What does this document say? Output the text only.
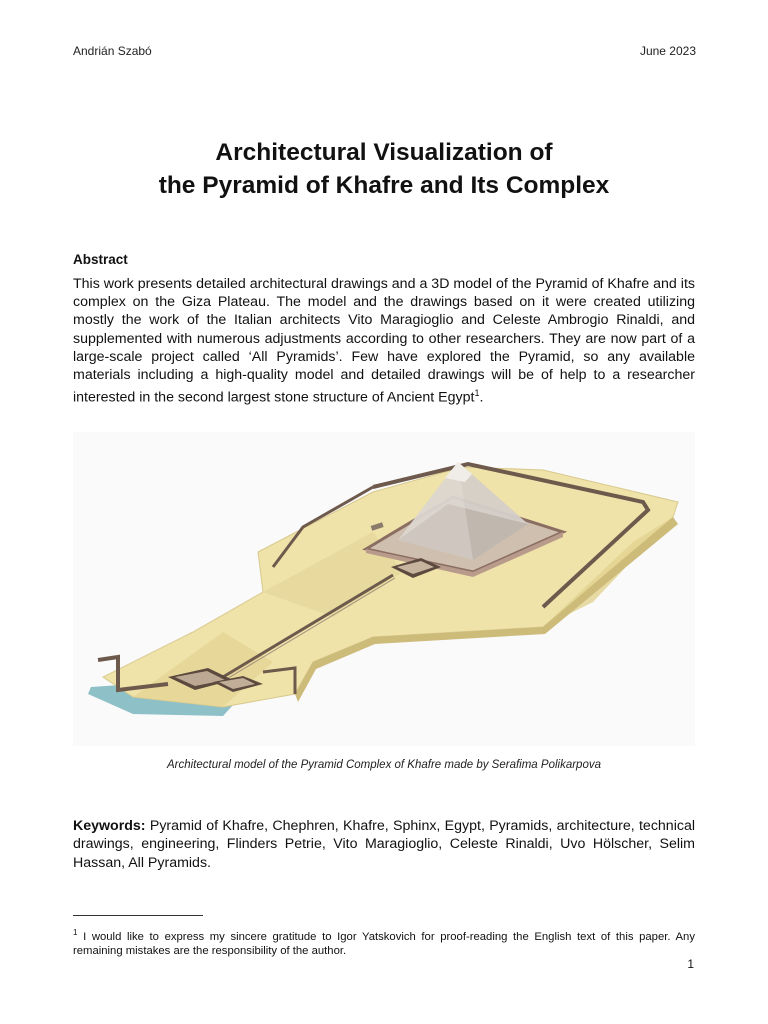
Andrián Szabó	June 2023
Architectural Visualization of
the Pyramid of Khafre and Its Complex
Abstract
This work presents detailed architectural drawings and a 3D model of the Pyramid of Khafre and its complex on the Giza Plateau. The model and the drawings based on it were created utilizing mostly the work of the Italian architects Vito Maragioglio and Celeste Ambrogio Rinaldi, and supplemented with numerous adjustments according to other researchers. They are now part of a large-scale project called ‘All Pyramids’. Few have explored the Pyramid, so any available materials including a high-quality model and detailed drawings will be of help to a researcher interested in the second largest stone structure of Ancient Egypt$^1$.
Architectural model of the Pyramid Complex of Khafre made by Serafima Polikarpova
Keywords: Pyramid of Khafre, Chephren, Khafre, Sphinx, Egypt, Pyramids, architecture, technical drawings, engineering, Flinders Petrie, Vito Maragioglio, Celeste Rinaldi, Uvo Hölscher, Selim Hassan, All Pyramids.
$^1$ I would like to express my sincere gratitude to Igor Yatskovich for proof-reading the English text of this paper. Any remaining mistakes are the responsibility of the author.
1
